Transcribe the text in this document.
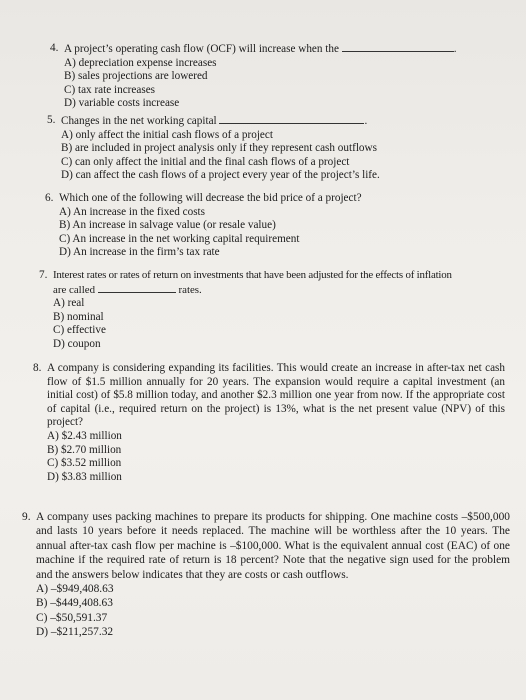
4. A project’s operating cash flow (OCF) will increase when the	.
A) depreciation expense increases
B) sales projections are lowered
C) tax rate increases
D) variable costs increase
5. Changes in the net working capital	.
A) only affect the initial cash flows of a project
B) are included in project analysis only if they represent cash outflows
C) can only affect the initial and the final cash flows of a project
D) can affect the cash flows of a project every year of the project’s life.
6. Which one of the following will decrease the bid price of a project?
A) An increase in the fixed costs
B) An increase in salvage value (or resale value)
C) An increase in the net working capital requirement
D) An increase in the firm’s tax rate
7. Interest rates or rates of return on investments that have been adjusted for the effects of inflation
are called	rates.
A) real
B) nominal
C) effective
D) coupon
8. A company is considering expanding its facilities. This would create an increase in after-tax net cash flow of $1.5 million annually for 20 years. The expansion would require a capital investment (an initial cost) of $5.8 million today, and another $2.3 million one year from now. If the appropriate cost of capital (i.e., required return on the project) is 13%, what is the net present value (NPV) of this project?
A) $2.43 million
B) $2.70 million
C) $3.52 million
D) $3.83 million
9. A company uses packing machines to prepare its products for shipping. One machine costs –$500,000 and lasts 10 years before it needs replaced. The machine will be worthless after the 10 years. The annual after-tax cash flow per machine is –$100,000. What is the equivalent annual cost (EAC) of one machine if the required rate of return is 18 percent? Note that the negative sign used for the problem and the answers below indicates that they are costs or cash outflows.
A) –$949,408.63
B) –$449,408.63
C) –$50,591.37
D) –$211,257.32
